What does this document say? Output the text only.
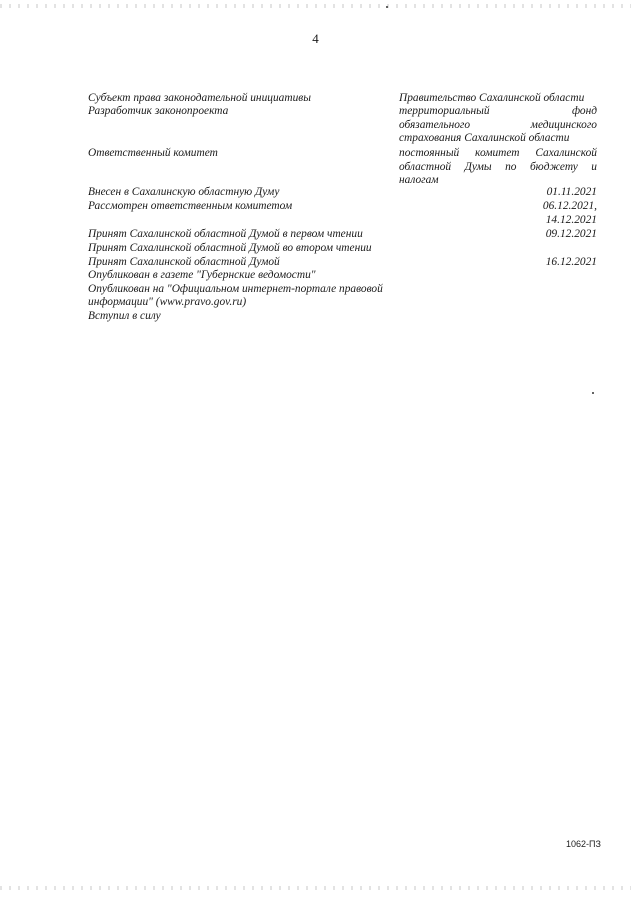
4
Субъект права законодательной инициативы
Разработчик законопроекта
Ответственный комитет
Внесен в Сахалинскую областную Думу
Рассмотрен ответственным комитетом
Принят Сахалинской областной Думой в первом чтении
Принят Сахалинской областной Думой во втором чтении
Принят Сахалинской областной Думой
Опубликован в газете "Губернские ведомости"
Опубликован на "Официальном интернет-портале правовой
информации" (www.pravo.gov.ru)
Вступил в силу
Правительство Сахалинской области
территориальный	фонд
обязательного	медицинского
страхования Сахалинской области
постоянный комитет Сахалинской
областной Думы по бюджету и
налогам
01.11.2021
06.12.2021,
14.12.2021
09.12.2021
16.12.2021
1062-ПЗ
